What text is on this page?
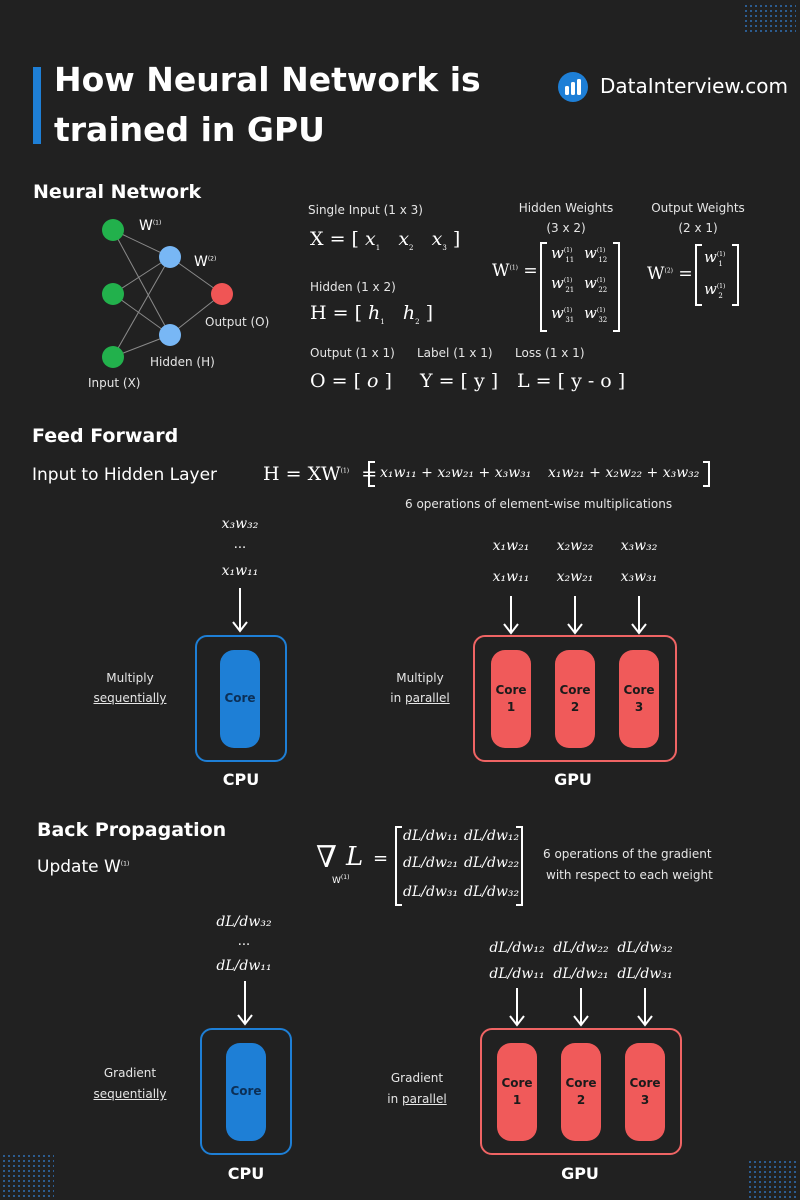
How Neural Network is
trained in GPU
DataInterview.com
Neural Network
$W^{(1)}$
$W^{(2)}$
Output (O)
Hidden (H)
Input (X)
Single Input (1 x 3)
X = [ $x_1$ $x_2$ $x_3$ ]
Hidden (1 x 2)
H = [ $h_1$ $h_2$ ]
Output (1 x 1)
O = [ o ]
Label (1 x 1)
Y = [ y ]
Loss (1 x 1)
L = [ y - o ]
Hidden Weights
(3 x 2)
$W^{(1)}$ =
$w^{(1)}_{11}$ $w^{(1)}_{12}$
$w^{(1)}_{21}$ $w^{(1)}_{22}$
$w^{(1)}_{31}$ $w^{(1)}_{32}$
Output Weights
(2 x 1)
$W^{(2)}$ =
$w^{(1)}_1$
$w^{(1)}_2$
Feed Forward
Input to Hidden Layer $H = XW^{(1)} = x_1w_{11} + x_2w_{21} + x_3w_{31}$ x₁w₂₁ + x₂w₂₂ + x₃w₃₂
6 operations of element-wise multiplications
x₃w₃₂
...
x₁w₁₁
Multiply
sequentially	Core
CPU
Multiply
in parallel
x₁w₂₁
x₁w₁₁
Core
1
x₂w₂₂
x₂w₂₁
Core
2
x₃w₃₂
x₃w₃₁
Core
3
GPU
Back Propagation
Update $W^{(1)}$	∇
$W^{(1)}$
L =
dL/dw₁₁ dL/dw₁₂
dL/dw₂₁ dL/dw₂₂
dL/dw₃₁ dL/dw₃₂
6 operations of the gradient
with respect to each weight
dL/dw₃₂
...
dL/dw₁₁
Gradient
sequentially	Core
CPU
Gradient
in parallel
dL/dw₁₂
dL/dw₁₁
Core
1
dL/dw₂₂
dL/dw₂₁
Core
2
dL/dw₃₂
dL/dw₃₁
Core
3
GPU
